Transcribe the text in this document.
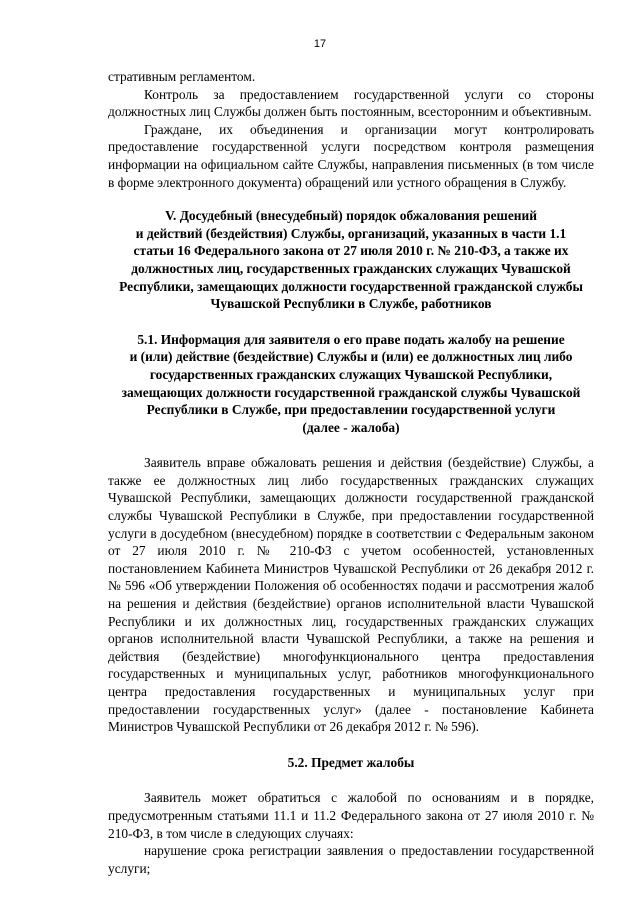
17

стративным регламентом.

Контроль за предоставлением государственной услуги со стороны должностных лиц Службы должен быть постоянным, всесторонним и объективным.

Граждане, их объединения и организации могут контролировать предоставление государственной услуги посредством контроля размещения информации на официальном сайте Службы, направления письменных (в том числе в форме электронного документа) обращений или устного обращения в Службу.

V. Досудебный (внесудебный) порядок обжалования решений
и действий (бездействия) Службы, организаций, указанных в части 1.1
статьи 16 Федерального закона от 27 июля 2010 г. № 210-ФЗ, а также их
должностных лиц, государственных гражданских служащих Чувашской
Республики, замещающих должности государственной гражданской службы
Чувашской Республики в Службе, работников
5.1. Информация для заявителя о его праве подать жалобу на решение
и (или) действие (бездействие) Службы и (или) ее должностных лиц либо
государственных гражданских служащих Чувашской Республики,
замещающих должности государственной гражданской службы Чувашской
Республики в Службе, при предоставлении государственной услуги
(далее - жалоба)

Заявитель вправе обжаловать решения и действия (бездействие) Службы, а также ее должностных лиц либо государственных гражданских служащих Чувашской Республики, замещающих должности государственной гражданской службы Чувашской Республики в Службе, при предоставлении государственной услуги в досудебном (внесудебном) порядке в соответствии с Федеральным законом от 27 июля 2010 г. № 210-ФЗ с учетом особенностей, установленных постановлением Кабинета Министров Чувашской Республики от 26 декабря 2012 г. № 596 «Об утверждении Положения об особенностях подачи и рассмотрения жалоб на решения и действия (бездействие) органов исполнительной власти Чувашской Республики и их должностных лиц, государственных гражданских служащих органов исполнительной власти Чувашской Республики, а также на решения и действия (бездействие) многофункционального центра предоставления государственных и муниципальных услуг, работников многофункционального центра предоставления государственных и муниципальных услуг при предоставлении государственных услуг» (далее - постановление Кабинета Министров Чувашской Республики от 26 декабря 2012 г. № 596).

5.2. Предмет жалобы

Заявитель может обратиться с жалобой по основаниям и в порядке, предусмотренным статьями 11.1 и 11.2 Федерального закона от 27 июля 2010 г. № 210-ФЗ, в том числе в следующих случаях:

нарушение срока регистрации заявления о предоставлении государственной услуги;
